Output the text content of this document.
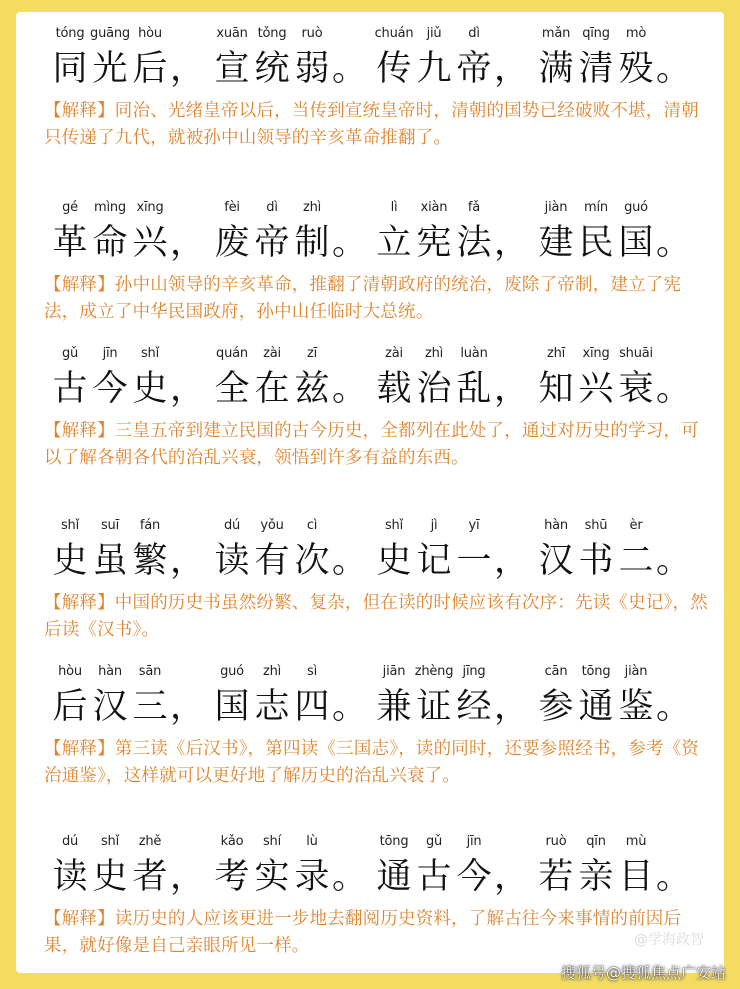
tóng guāng hòu
同 光 后 ，
xuān tǒng	ruò
宣 统 弱 。
chuán	jiǔ	dì
传 九 帝 ，
mǎn qīng	mò
满 清 殁 。
【解释】同治、光绪皇帝以后，当传到宣统皇帝时，清朝的国势已经破败不堪，清朝只传递了九代，就被孙中山领导的辛亥革命推翻了。
gé	mìng xīng
革 命 兴 ，
fèi	dì	zhì
废 帝 制 。
lì	xiàn	fǎ
立 宪 法 ，
jiàn	mín	guó
建 民 国 。
【解释】孙中山领导的辛亥革命，推翻了清朝政府的统治，废除了帝制，建立了宪法，成立了中华民国政府，孙中山任临时大总统。
gǔ	jīn	shǐ
古 今 史 ，
quán	zài	zī
全 在 兹 。
zài	zhì	luàn
载 治 乱 ，
zhī	xīng shuāi
知 兴 衰 。
【解释】三皇五帝到建立民国的古今历史，全都列在此处了，通过对历史的学习，可以了解各朝各代的治乱兴衰，领悟到许多有益的东西。
shǐ	suī	fán
史 虽 繁 ，
dú	yǒu	cì
读 有 次 。
shǐ	jì	yī
史 记 一 ，
hàn	shū	èr
汉 书 二 。
【解释】中国的历史书虽然纷繁、复杂，但在读的时候应该有次序：先读《史记》，然后读《汉书》。
hòu	hàn	sān
后 汉 三 ，
guó	zhì	sì
国 志 四 。
jiān zhèng jīng
兼 证 经 ，
cān	tōng	jiàn
参 通 鉴 。
【解释】第三读《后汉书》，第四读《三国志》，读的同时，还要参照经书，参考《资治通鉴》，这样就可以更好地了解历史的治乱兴衰了。
dú	shǐ	zhě
读 史 者 ，
kǎo	shí	lù
考 实 录 。
tōng	gǔ	jīn
通 古 今 ，
ruò	qīn	mù
若 亲 目 。
【解释】读历史的人应该更进一步地去翻阅历史资料，了解古往今来事情的前因后果，就好像是自己亲眼所见一样。	@学海政智
搜狐号@搜狐焦点广安站
